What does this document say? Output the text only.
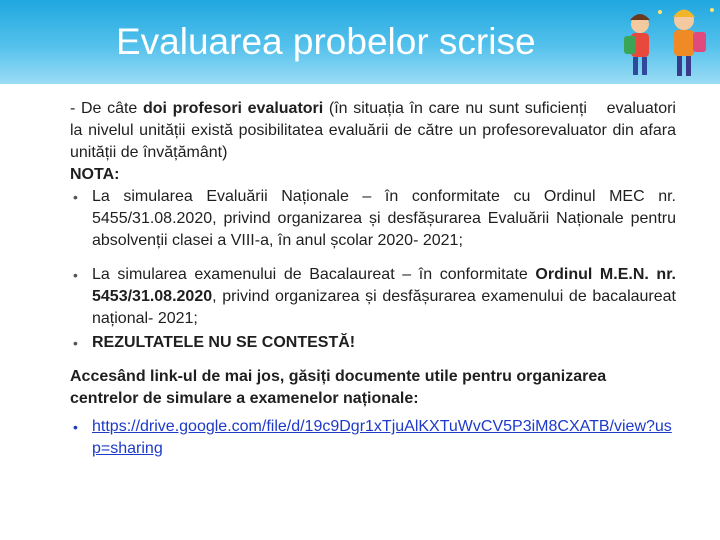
Evaluarea probelor scrise

- De câte doi profesori evaluatori (în situația în care nu sunt suficienți evaluatori la nivelul unității există posibilitatea evaluării de către un profesorevaluator din afara unității de învățământ)

NOTA:

• La simularea Evaluării Naționale – în conformitate cu Ordinul MEC nr. 5455/31.08.2020, privind organizarea și desfășurarea Evaluării Naționale pentru absolvenții clasei a VIII-a, în anul școlar 2020- 2021;
• La simularea examenului de Bacalaureat – în conformitate Ordinul M.E.N. nr. 5453/31.08.2020, privind organizarea și desfășurarea examenului de bacalaureat național- 2021;
• REZULTATELE NU SE CONTESTĂ!

Accesând link-ul de mai jos, găsiți documente utile pentru organizarea centrelor de simulare a examenelor naționale:

• https://drive.google.com/file/d/19c9Dgr1xTjuAlKXTuWvCV5P3iM8CXATB/view?usp=sharing
